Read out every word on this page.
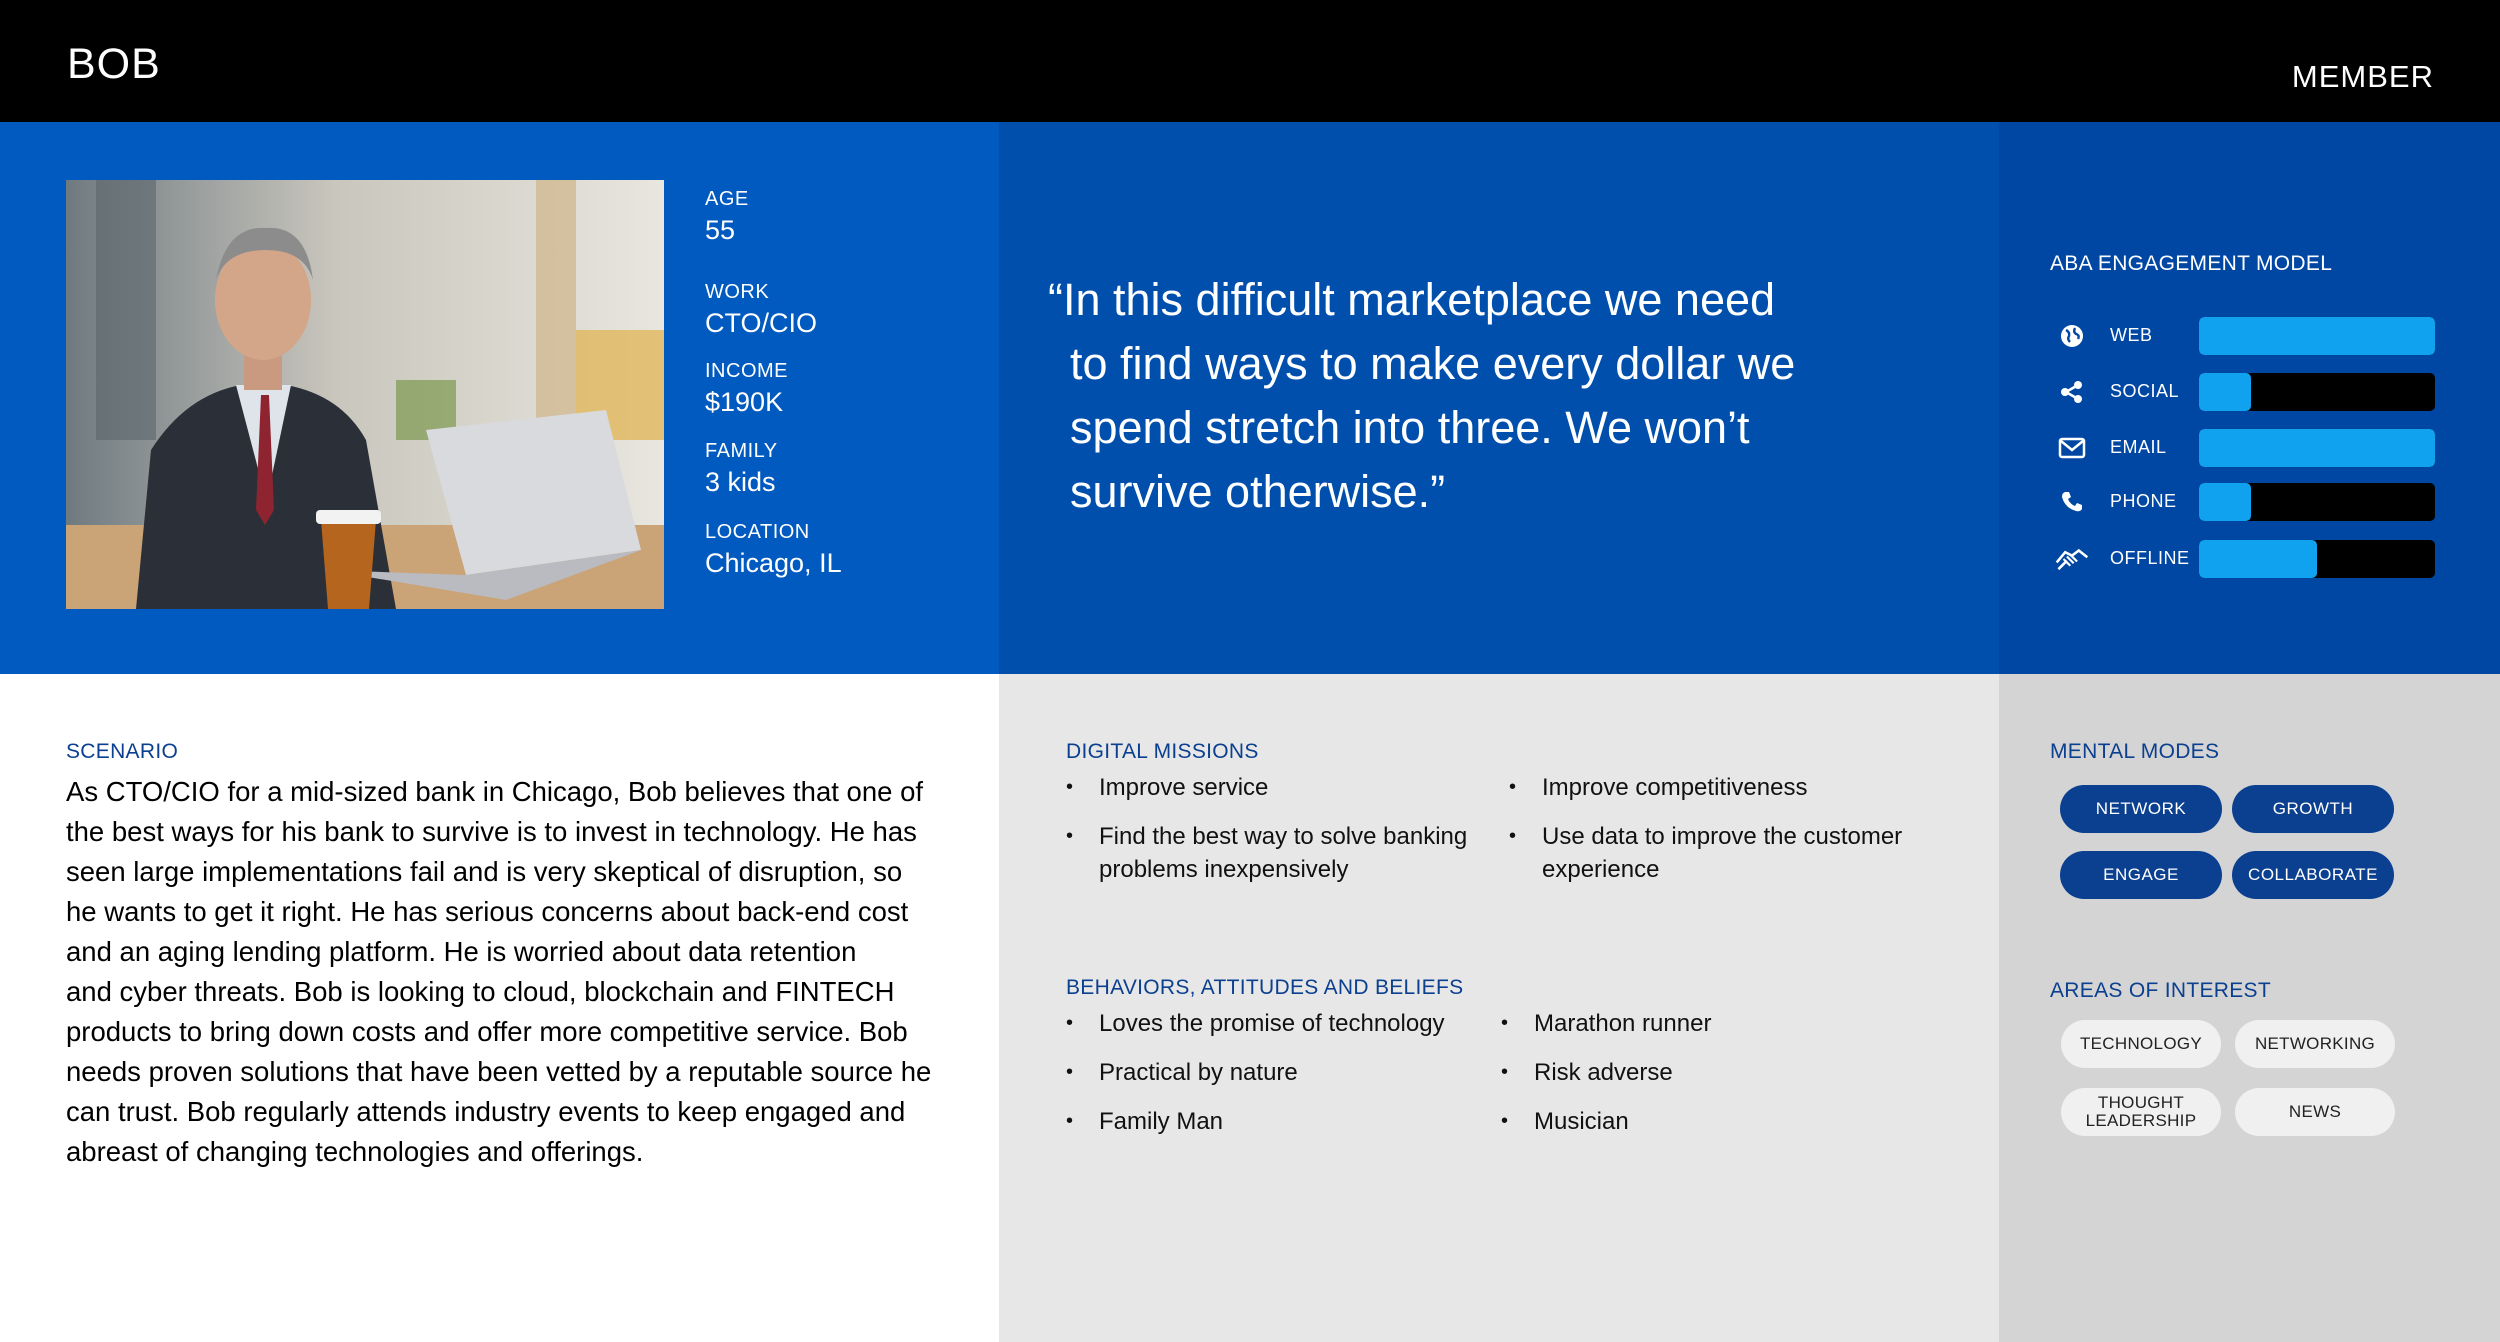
BOB	MEMBER
AGE
55
WORK
CTO/CIO
INCOME
$190K
FAMILY
3 kids
LOCATION
Chicago, IL
“In this difficult marketplace we need
to find ways to make every dollar we
spend stretch into three. We won’t
survive otherwise.”
ABA ENGAGEMENT MODEL
WEB
SOCIAL
EMAIL
PHONE
OFFLINE
SCENARIO
As CTO/CIO for a mid-sized bank in Chicago, Bob believes that one of
the best ways for his bank to survive is to invest in technology. He has
seen large implementations fail and is very skeptical of disruption, so
he wants to get it right. He has serious concerns about back-end cost
and an aging lending platform. He is worried about data retention
and cyber threats. Bob is looking to cloud, blockchain and FINTECH
products to bring down costs and offer more competitive service. Bob
needs proven solutions that have been vetted by a reputable source he
can trust. Bob regularly attends industry events to keep engaged and
abreast of changing technologies and offerings.
DIGITAL MISSIONS
• Improve service
• Find the best way to solve banking
problems inexpensively
• Improve competitiveness
• Use data to improve the customer
experience
BEHAVIORS, ATTITUDES AND BELIEFS
• Loves the promise of technology
• Practical by nature
• Family Man
• Marathon runner
• Risk adverse
• Musician
MENTAL MODES
NETWORK	GROWTH
ENGAGE	COLLABORATE
AREAS OF INTEREST
TECHNOLOGY	NETWORKING
THOUGHT
LEADERSHIP	NEWS
